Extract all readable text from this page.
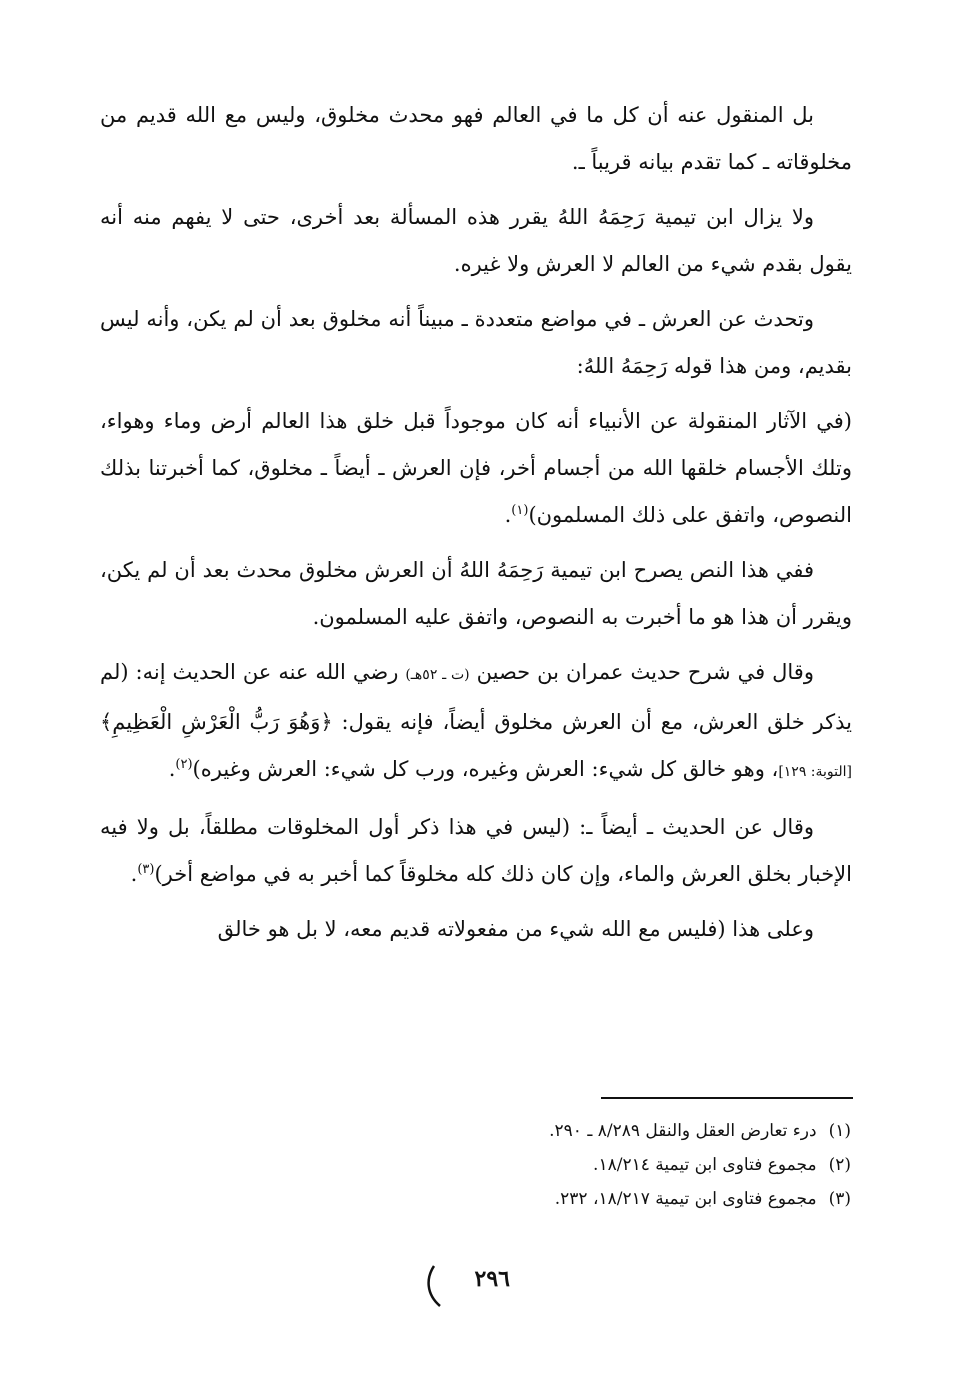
بل المنقول عنه أن كل ما في العالم فهو محدث مخلوق، وليس مع الله قديم من مخلوقاته ـ كما تقدم بيانه قريباً ـ.

ولا يزال ابن تيمية رَحِمَهُ اللهُ يقرر هذه المسألة بعد أخرى، حتى لا يفهم منه أنه يقول بقدم شيء من العالم لا العرش ولا غيره.

وتحدث عن العرش ـ في مواضع متعددة ـ مبيناً أنه مخلوق بعد أن لم يكن، وأنه ليس بقديم، ومن هذا قوله رَحِمَهُ اللهُ:

(في الآثار المنقولة عن الأنبياء أنه كان موجوداً قبل خلق هذا العالم أرض وماء وهواء، وتلك الأجسام خلقها الله من أجسام أخر، فإن العرش ـ أيضاً ـ مخلوق، كما أخبرتنا بذلك النصوص، واتفق على ذلك المسلمون)$^{(١)}$.

ففي هذا النص يصرح ابن تيمية رَحِمَهُ اللهُ أن العرش مخلوق محدث بعد أن لم يكن، ويقرر أن هذا هو ما أخبرت به النصوص، واتفق عليه المسلمون.

وقال في شرح حديث عمران بن حصين (ت ـ ٥٢هـ) رضي الله عنه عن الحديث إنه: (لم يذكر خلق العرش، مع أن العرش مخلوق أيضاً، فإنه يقول: ﴿وَهُوَ رَبُّ الْعَرْشِ الْعَظِيمِ﴾ [التوبة: ١٢٩]، وهو خالق كل شيء: العرش وغيره، ورب كل شيء: العرش وغيره)$^{(٢)}$.

وقال عن الحديث ـ أيضاً ـ: (ليس في هذا ذكر أول المخلوقات مطلقاً، بل ولا فيه الإخبار بخلق العرش والماء، وإن كان ذلك كله مخلوقاً كما أخبر به في مواضع أخر)$^{(٣)}$.

وعلى هذا (فليس مع الله شيء من مفعولاته قديم معه، لا بل هو خالق

(١)درء تعارض العقل والنقل ٨/٢٨٩ ـ ٢٩٠.
(٢)مجموع فتاوى ابن تيمية ١٨/٢١٤.
(٣)مجموع فتاوى ابن تيمية ١٨/٢١٧، ٢٣٢.
٢٩٦
